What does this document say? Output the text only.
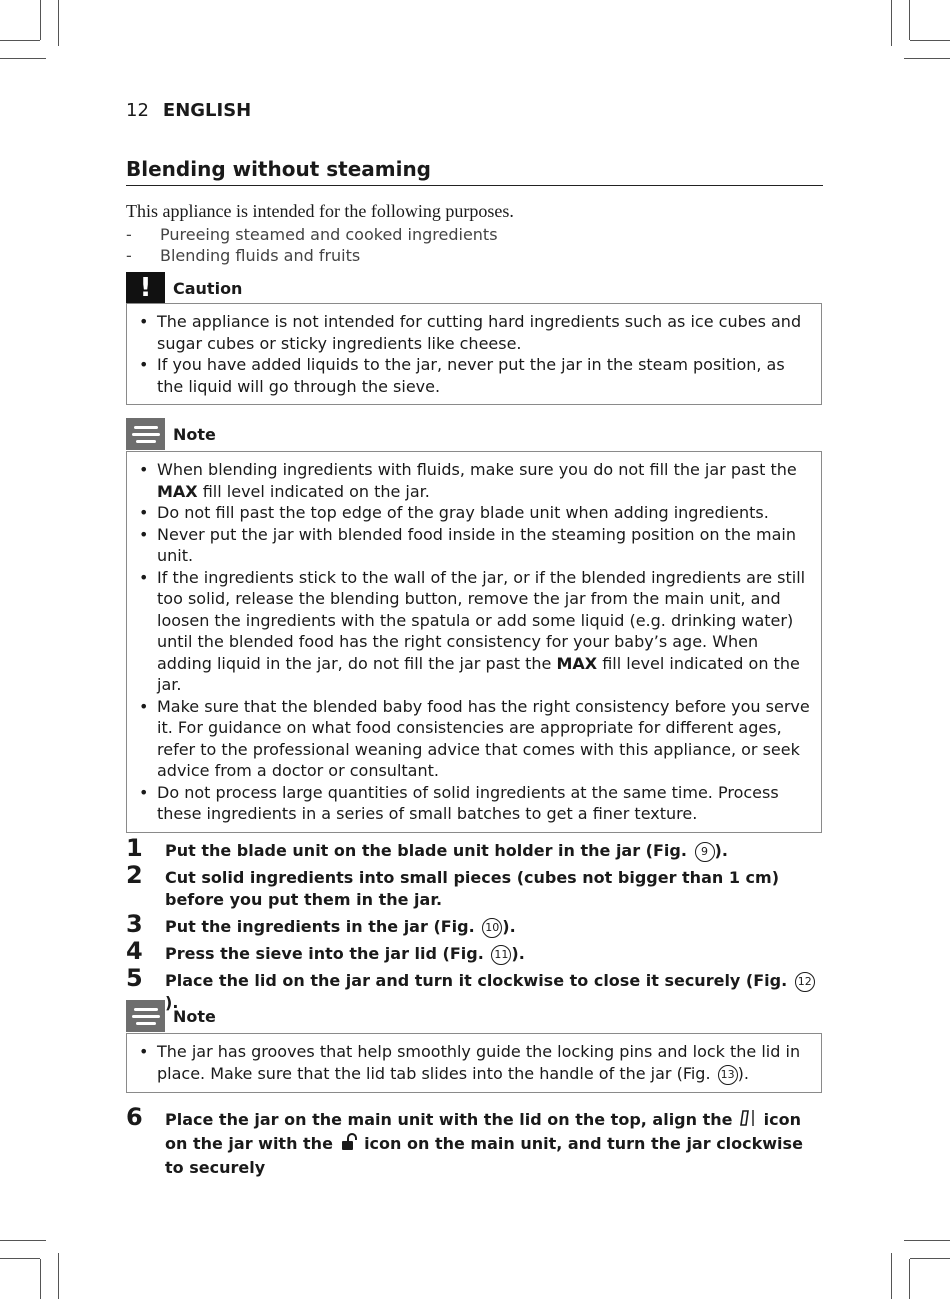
12 ENGLISH
Blending without steaming
This appliance is intended for the following purposes.
- Pureeing steamed and cooked ingredients
- Blending fluids and fruits
!	Caution
• The appliance is not intended for cutting hard ingredients such as ice cubes and sugar cubes or sticky ingredients like cheese.
• If you have added liquids to the jar, never put the jar in the steam position, as the liquid will go through the sieve.
Note
• When blending ingredients with fluids, make sure you do not fill the jar past the MAX fill level indicated on the jar.
• Do not fill past the top edge of the gray blade unit when adding ingredients.
• Never put the jar with blended food inside in the steaming position on the main unit.
• If the ingredients stick to the wall of the jar, or if the blended ingredients are still too solid, release the blending button, remove the jar from the main unit, and loosen the ingredients with the spatula or add some liquid (e.g. drinking water) until the blended food has the right consistency for your baby’s age. When adding liquid in the jar, do not fill the jar past the MAX fill level indicated on the jar.
• Make sure that the blended baby food has the right consistency before you serve it. For guidance on what food consistencies are appropriate for different ages, refer to the professional weaning advice that comes with this appliance, or seek advice from a doctor or consultant.
• Do not process large quantities of solid ingredients at the same time. Process these ingredients in a series of small batches to get a finer texture.
1 Put the blade unit on the blade unit holder in the jar (Fig. 9 ).
2 Cut solid ingredients into small pieces (cubes not bigger than 1 cm) before you put them in the jar.
3 Put the ingredients in the jar (Fig. 10 ).
4 Press the sieve into the jar lid (Fig. 11 ).
5 Place the lid on the jar and turn it clockwise to close it securely (Fig. 12).
Note
• The jar has grooves that help smoothly guide the locking pins and lock the lid in place. Make sure that the lid tab slides into the handle of the jar (Fig. 13 ).
6 Place the jar on the main unit with the lid on the top, align the  icon on the jar with the  icon on the main unit, and turn the jar clockwise to securely
